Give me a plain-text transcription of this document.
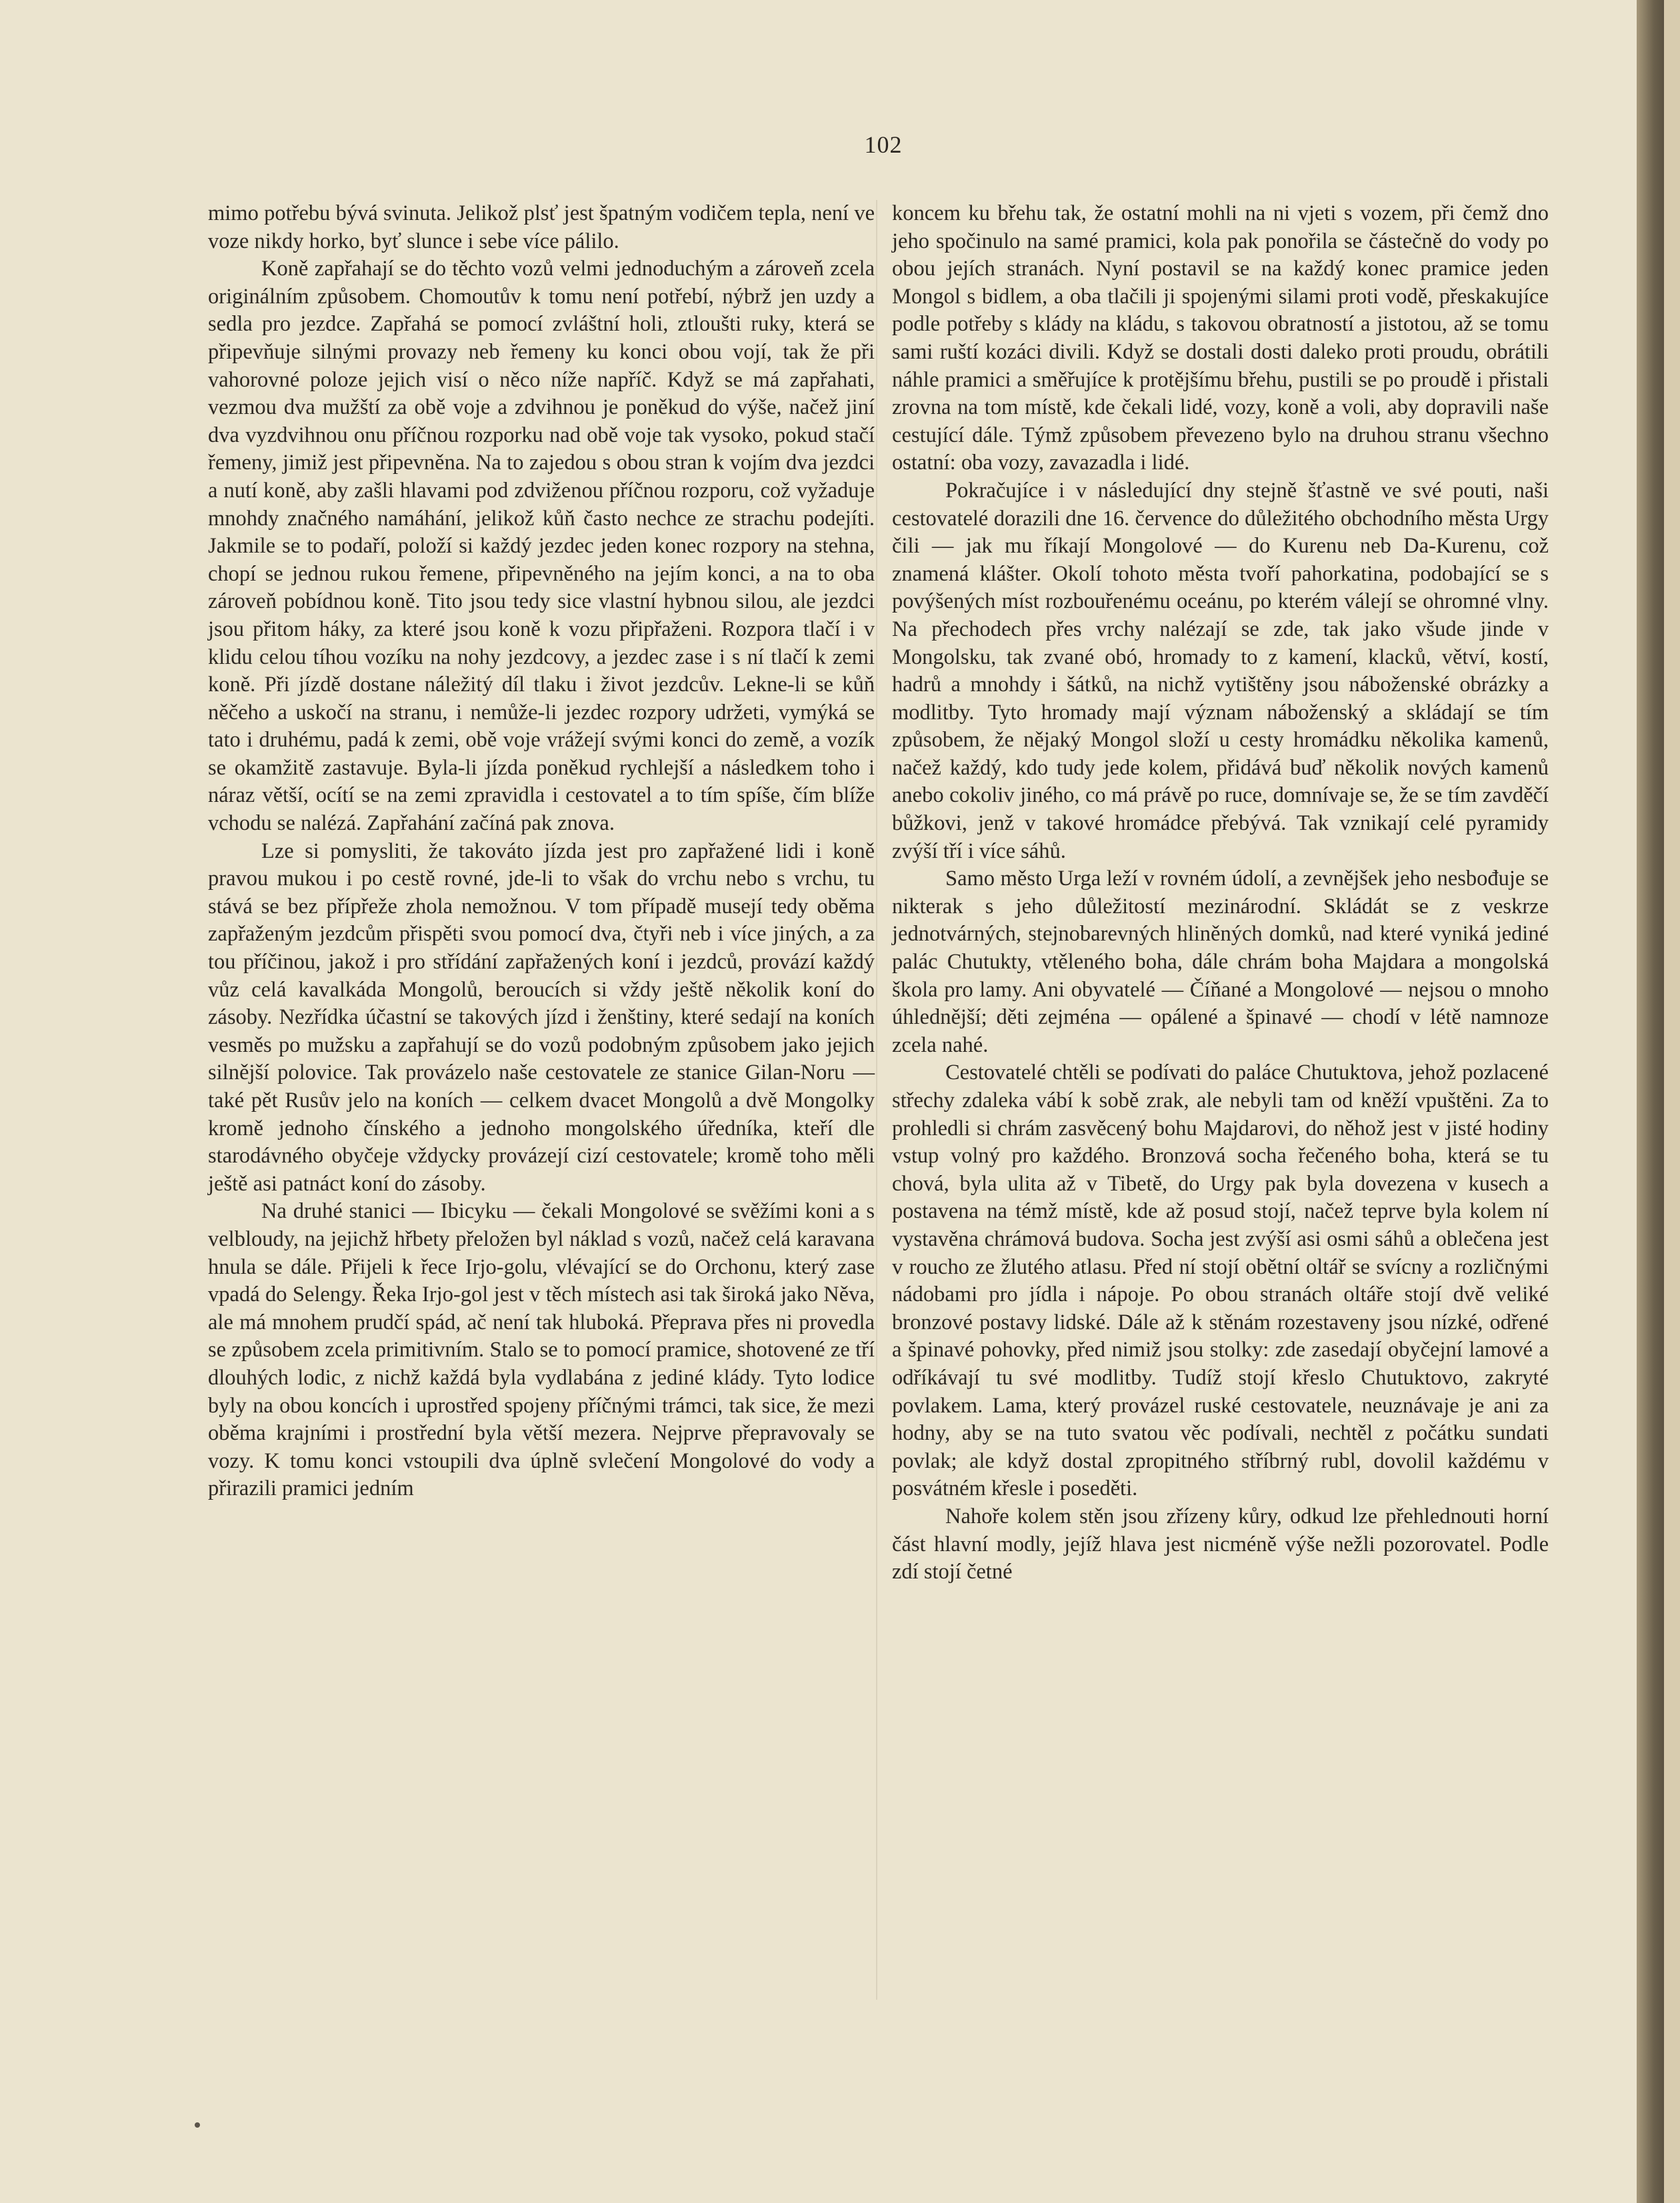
102

mimo potřebu bývá svinuta. Jelikož plsť jest špatným vodičem tepla, není ve voze nikdy horko, byť slunce i sebe více pálilo.

Koně zapřahají se do těchto vozů velmi jednoduchým a zároveň zcela originálním způsobem. Chomoutův k tomu není potřebí, nýbrž jen uzdy a sedla pro jezdce. Zapřahá se pomocí zvláštní holi, ztloušti ruky, která se připevňuje silnými provazy neb řemeny ku konci obou vojí, tak že při vahorovné poloze jejich visí o něco níže napříč. Když se má zapřahati, vezmou dva mužští za obě voje a zdvihnou je poněkud do výše, načež jiní dva vyzdvihnou onu příčnou rozporku nad obě voje tak vysoko, pokud stačí řemeny, jimiž jest připevněna. Na to zajedou s obou stran k vojím dva jezdci a nutí koně, aby zašli hlavami pod zdviženou příčnou rozporu, což vyžaduje mnohdy značného namáhání, jelikož kůň často nechce ze strachu podejíti. Jakmile se to podaří, položí si každý jezdec jeden konec rozpory na stehna, chopí se jednou rukou řemene, připevněného na jejím konci, a na to oba zároveň pobídnou koně. Tito jsou tedy sice vlastní hybnou silou, ale jezdci jsou přitom háky, za které jsou koně k vozu připřaženi. Rozpora tlačí i v klidu celou tíhou vozíku na nohy jezdcovy, a jezdec zase i s ní tlačí k zemi koně. Při jízdě dostane náležitý díl tlaku i život jezdcův. Lekne-li se kůň něčeho a uskočí na stranu, i nemůže-li jezdec rozpory udržeti, vymýká se tato i druhému, padá k zemi, obě voje vrážejí svými konci do země, a vozík se okamžitě zastavuje. Byla-li jízda poněkud rychlejší a následkem toho i náraz větší, ocítí se na zemi zpravidla i cestovatel a to tím spíše, čím blíže vchodu se nalézá. Zapřahání začíná pak znova.

Lze si pomysliti, že takováto jízda jest pro zapřažené lidi i koně pravou mukou i po cestě rovné, jde-li to však do vrchu nebo s vrchu, tu stává se bez přípřeže zhola nemožnou. V tom případě musejí tedy oběma zapřaženým jezdcům přispěti svou pomocí dva, čtyři neb i více jiných, a za tou příčinou, jakož i pro střídání zapřažených koní i jezdců, provází každý vůz celá kavalkáda Mongolů, beroucích si vždy ještě několik koní do zásoby. Nezřídka účastní se takových jízd i ženštiny, které sedají na koních vesměs po mužsku a zapřahují se do vozů podobným způsobem jako jejich silnější polovice. Tak provázelo naše cestovatele ze stanice Gilan-Noru — také pět Rusův jelo na koních — celkem dvacet Mongolů a dvě Mongolky kromě jednoho čínského a jednoho mongolského úředníka, kteří dle starodávného obyčeje vždycky provázejí cizí cestovatele; kromě toho měli ještě asi patnáct koní do zásoby.

Na druhé stanici — Ibicyku — čekali Mongolové se svěžími koni a s velbloudy, na jejichž hřbety přeložen byl náklad s vozů, načež celá karavana hnula se dále. Přijeli k řece Irjo-golu, vlévající se do Orchonu, který zase vpadá do Selengy. Řeka Irjo-gol jest v těch místech asi tak široká jako Něva, ale má mnohem prudčí spád, ač není tak hluboká. Přeprava přes ni provedla se způsobem zcela primitivním. Stalo se to pomocí pramice, shotovené ze tří dlouhých lodic, z nichž každá byla vydlabána z jediné klády. Tyto lodice byly na obou koncích i uprostřed spojeny příčnými trámci, tak sice, že mezi oběma krajními i prostřední byla větší mezera. Nejprve přepravovaly se vozy. K tomu konci vstoupili dva úplně svlečení Mongolové do vody a přirazili pramici jedním

koncem ku břehu tak, že ostatní mohli na ni vjeti s vozem, při čemž dno jeho spočinulo na samé pramici, kola pak ponořila se částečně do vody po obou jejích stranách. Nyní postavil se na každý konec pramice jeden Mongol s bidlem, a oba tlačili ji spojenými silami proti vodě, přeskakujíce podle potřeby s klády na kládu, s takovou obratností a jistotou, až se tomu sami ruští kozáci divili. Když se dostali dosti daleko proti proudu, obrátili náhle pramici a směřujíce k protějšímu břehu, pustili se po proudě i přistali zrovna na tom místě, kde čekali lidé, vozy, koně a voli, aby dopravili naše cestující dále. Týmž způsobem převezeno bylo na druhou stranu všechno ostatní: oba vozy, zavazadla i lidé.

Pokračujíce i v následující dny stejně šťastně ve své pouti, naši cestovatelé dorazili dne 16. července do důležitého obchodního města Urgy čili — jak mu říkají Mongolové — do Kurenu neb Da-Kurenu, což znamená klášter. Okolí tohoto města tvoří pahorkatina, podobající se s povýšených míst rozbouřenému oceánu, po kterém válejí se ohromné vlny. Na přechodech přes vrchy nalézají se zde, tak jako všude jinde v Mongolsku, tak zvané obó, hromady to z kamení, klacků, větví, kostí, hadrů a mnohdy i šátků, na nichž vytištěny jsou náboženské obrázky a modlitby. Tyto hromady mají význam náboženský a skládají se tím způsobem, že nějaký Mongol složí u cesty hromádku několika kamenů, načež každý, kdo tudy jede kolem, přidává buď několik nových kamenů anebo cokoliv jiného, co má právě po ruce, domnívaje se, že se tím zavděčí bůžkovi, jenž v takové hromádce přebývá. Tak vznikají celé pyramidy zvýší tří i více sáhů.

Samo město Urga leží v rovném údolí, a zevnějšek jeho nesbođuje se nikterak s jeho důležitostí mezinárodní. Skládát se z veskrze jednotvárných, stejnobarevných hliněných domků, nad které vyniká jediné palác Chutukty, vtěleného boha, dále chrám boha Majdara a mongolská škola pro lamy. Ani obyvatelé — Číňané a Mongolové — nejsou o mnoho úhlednější; děti zejména — opálené a špinavé — chodí v létě namnoze zcela nahé.

Cestovatelé chtěli se podívati do paláce Chutuktova, jehož pozlacené střechy zdaleka vábí k sobě zrak, ale nebyli tam od kněží vpuštěni. Za to prohledli si chrám zasvěcený bohu Majdarovi, do něhož jest v jisté hodiny vstup volný pro každého. Bronzová socha řečeného boha, která se tu chová, byla ulita až v Tibetě, do Urgy pak byla dovezena v kusech a postavena na témž místě, kde až posud stojí, načež teprve byla kolem ní vystavěna chrámová budova. Socha jest zvýší asi osmi sáhů a oblečena jest v roucho ze žlutého atlasu. Před ní stojí obětní oltář se svícny a rozličnými nádobami pro jídla i nápoje. Po obou stranách oltáře stojí dvě veliké bronzové postavy lidské. Dále až k stěnám rozestaveny jsou nízké, odřené a špinavé pohovky, před nimiž jsou stolky: zde zasedají obyčejní lamové a odříkávají tu své modlitby. Tudíž stojí křeslo Chutuktovo, zakryté povlakem. Lama, který provázel ruské cestovatele, neuznávaje je ani za hodny, aby se na tuto svatou věc podívali, nechtěl z počátku sundati povlak; ale když dostal zpropitného stříbrný rubl, dovolil každému v posvátném křesle i poseděti.

Nahoře kolem stěn jsou zřízeny kůry, odkud lze přehlednouti horní část hlavní modly, jejíž hlava jest nicméně výše nežli pozorovatel. Podle zdí stojí četné
